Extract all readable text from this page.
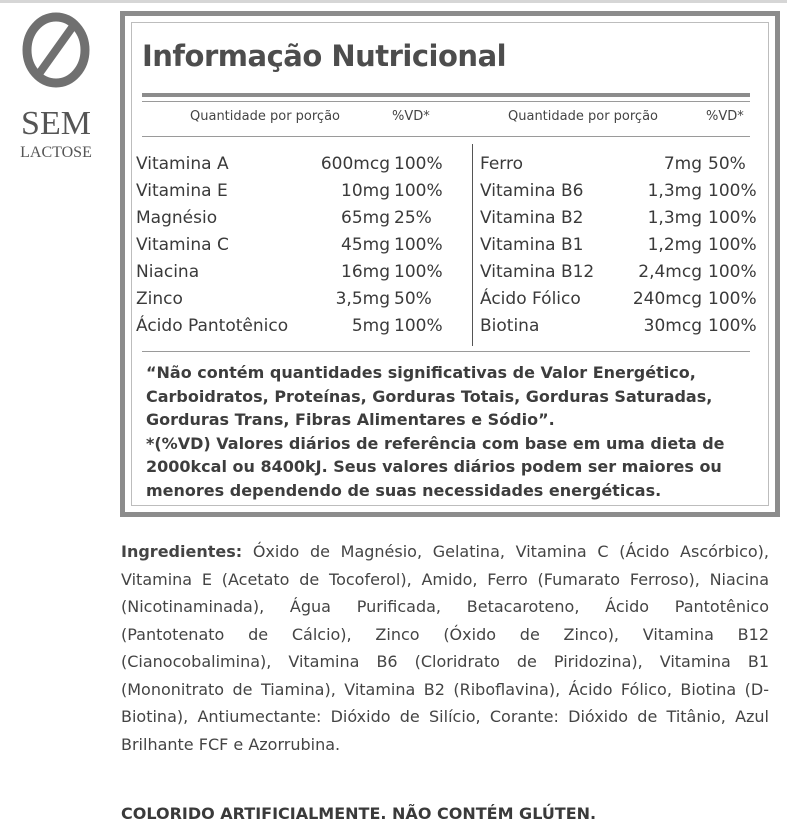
SEM
LACTOSE
Informação Nutricional
Quantidade por porção	%VD*	Quantidade por porção	%VD*
Vitamina A	600mcg 100%
Vitamina E	10mg 100%
Magnésio	65mg 25%
Vitamina C	45mg 100%
Niacina	16mg 100%
Zinco	3,5mg 50%
Ácido Pantotênico	5mg 100%
Ferro	7mg 50%
Vitamina B6	1,3mg 100%
Vitamina B2	1,3mg 100%
Vitamina B1	1,2mg 100%
Vitamina B12	2,4mcg 100%
Ácido Fólico	240mcg 100%
Biotina	30mcg 100%

“Não contém quantidades significativas de Valor Energético, Carboidratos, Proteínas, Gorduras Totais, Gorduras Saturadas, Gorduras Trans, Fibras Alimentares e Sódio”.

*(%VD) Valores diários de referência com base em uma dieta de 2000kcal ou 8400kJ. Seus valores diários podem ser maiores ou menores dependendo de suas necessidades energéticas.

Ingredientes: Óxido de Magnésio, Gelatina, Vitamina C (Ácido Ascórbico), Vitamina E (Acetato de Tocoferol), Amido, Ferro (Fumarato Ferroso), Niacina (Nicotinaminada), Água Purificada, Betacaroteno, Ácido Pantotênico (Pantotenato de Cálcio), Zinco (Óxido de Zinco), Vitamina B12 (Cianocobalimina), Vitamina B6 (Cloridrato de Piridozina), Vitamina B1 (Mononitrato de Tiamina), Vitamina B2 (Riboflavina), Ácido Fólico, Biotina (D-Biotina), Antiumectante: Dióxido de Silício, Corante: Dióxido de Titânio, Azul Brilhante FCF e Azorrubina.
COLORIDO ARTIFICIALMENTE. NÃO CONTÉM GLÚTEN.
